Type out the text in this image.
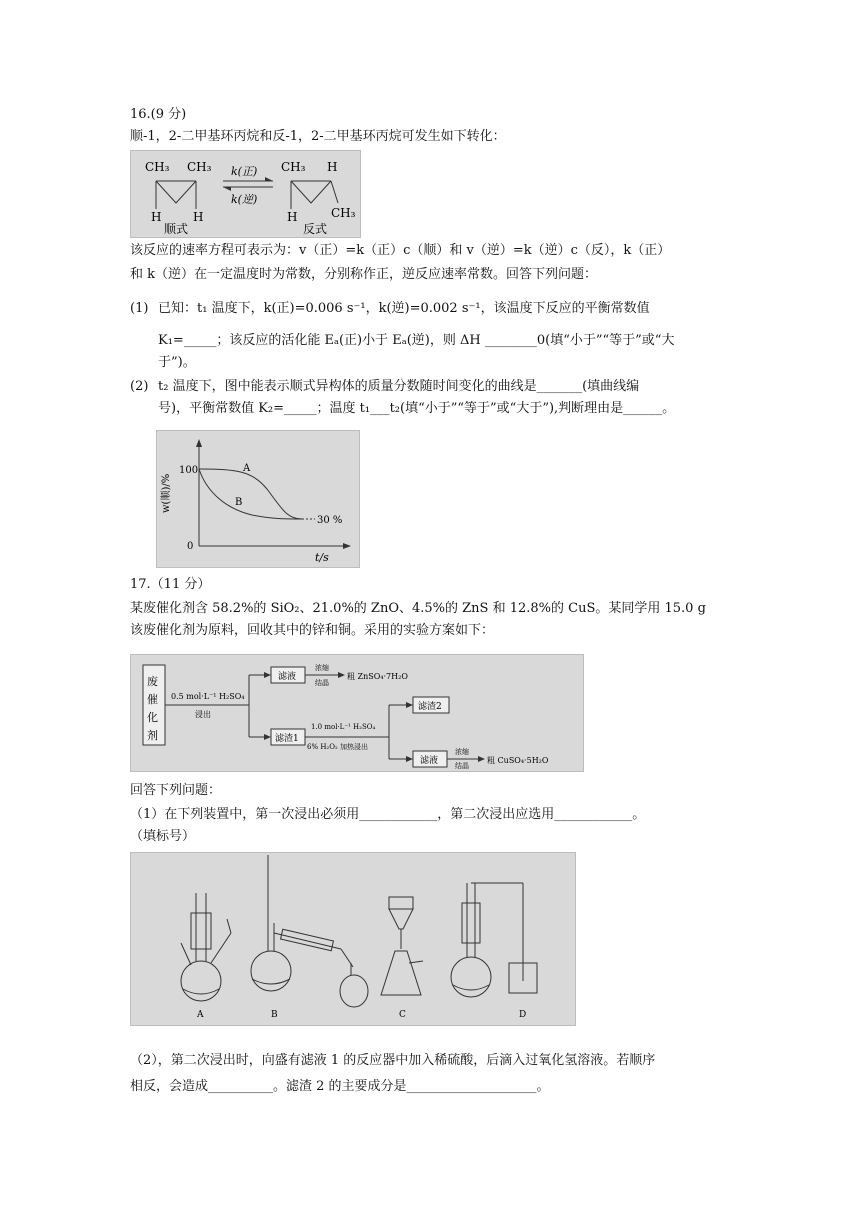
16.(9 分)
顺-1，2-二甲基环丙烷和反-1，2-二甲基环丙烷可发生如下转化：
CH₃ CH₃
H	H
顺式
k(正)
k(逆)
CH₃ H
H	CH₃
反式
该反应的速率方程可表示为：v（正）=k（正）c（顺）和 v（逆）=k（逆）c（反），k（正）
和 k（逆）在一定温度时为常数，分别称作正，逆反应速率常数。回答下列问题：
(1) 已知：t₁ 温度下，k(正)=0.006 s⁻¹，k(逆)=0.002 s⁻¹，该温度下反应的平衡常数值
K₁=_____；该反应的活化能 Eₐ(正)小于 Eₐ(逆)，则 ΔH ________0(填“小于”“等于”或“大
于”)。
(2) t₂ 温度下，图中能表示顺式异构体的质量分数随时间变化的曲线是_______(填曲线编
号)，平衡常数值 K₂=_____；温度 t₁___t₂(填“小于”“等于”或“大于”),判断理由是______。
w(顺)/%
100
0
t/s
A
B
30 %
17.（11 分）
某废催化剂含 58.2%的 SiO₂、21.0%的 ZnO、4.5%的 ZnS 和 12.8%的 CuS。某同学用 15.0 g
该废催化剂为原料，回收其中的锌和铜。采用的实验方案如下：
废
催
化
剂
0.5 mol·L⁻¹ H₂SO₄
浸出
滤液
浓缩
结晶
粗 ZnSO₄·7H₂O
滤渣1
1.0 mol·L⁻¹ H₂SO₄
6% H₂O₂ 加热浸出
滤渣2
滤液
浓缩
结晶
粗 CuSO₄·5H₂O
回答下列问题：
（1）在下列装置中，第一次浸出必须用____________，第二次浸出应选用____________。
（填标号）
A	B	C	D
（2），第二次浸出时，向盛有滤液 1 的反应器中加入稀硫酸，后滴入过氧化氢溶液。若顺序
相反，会造成__________。滤渣 2 的主要成分是____________________。
